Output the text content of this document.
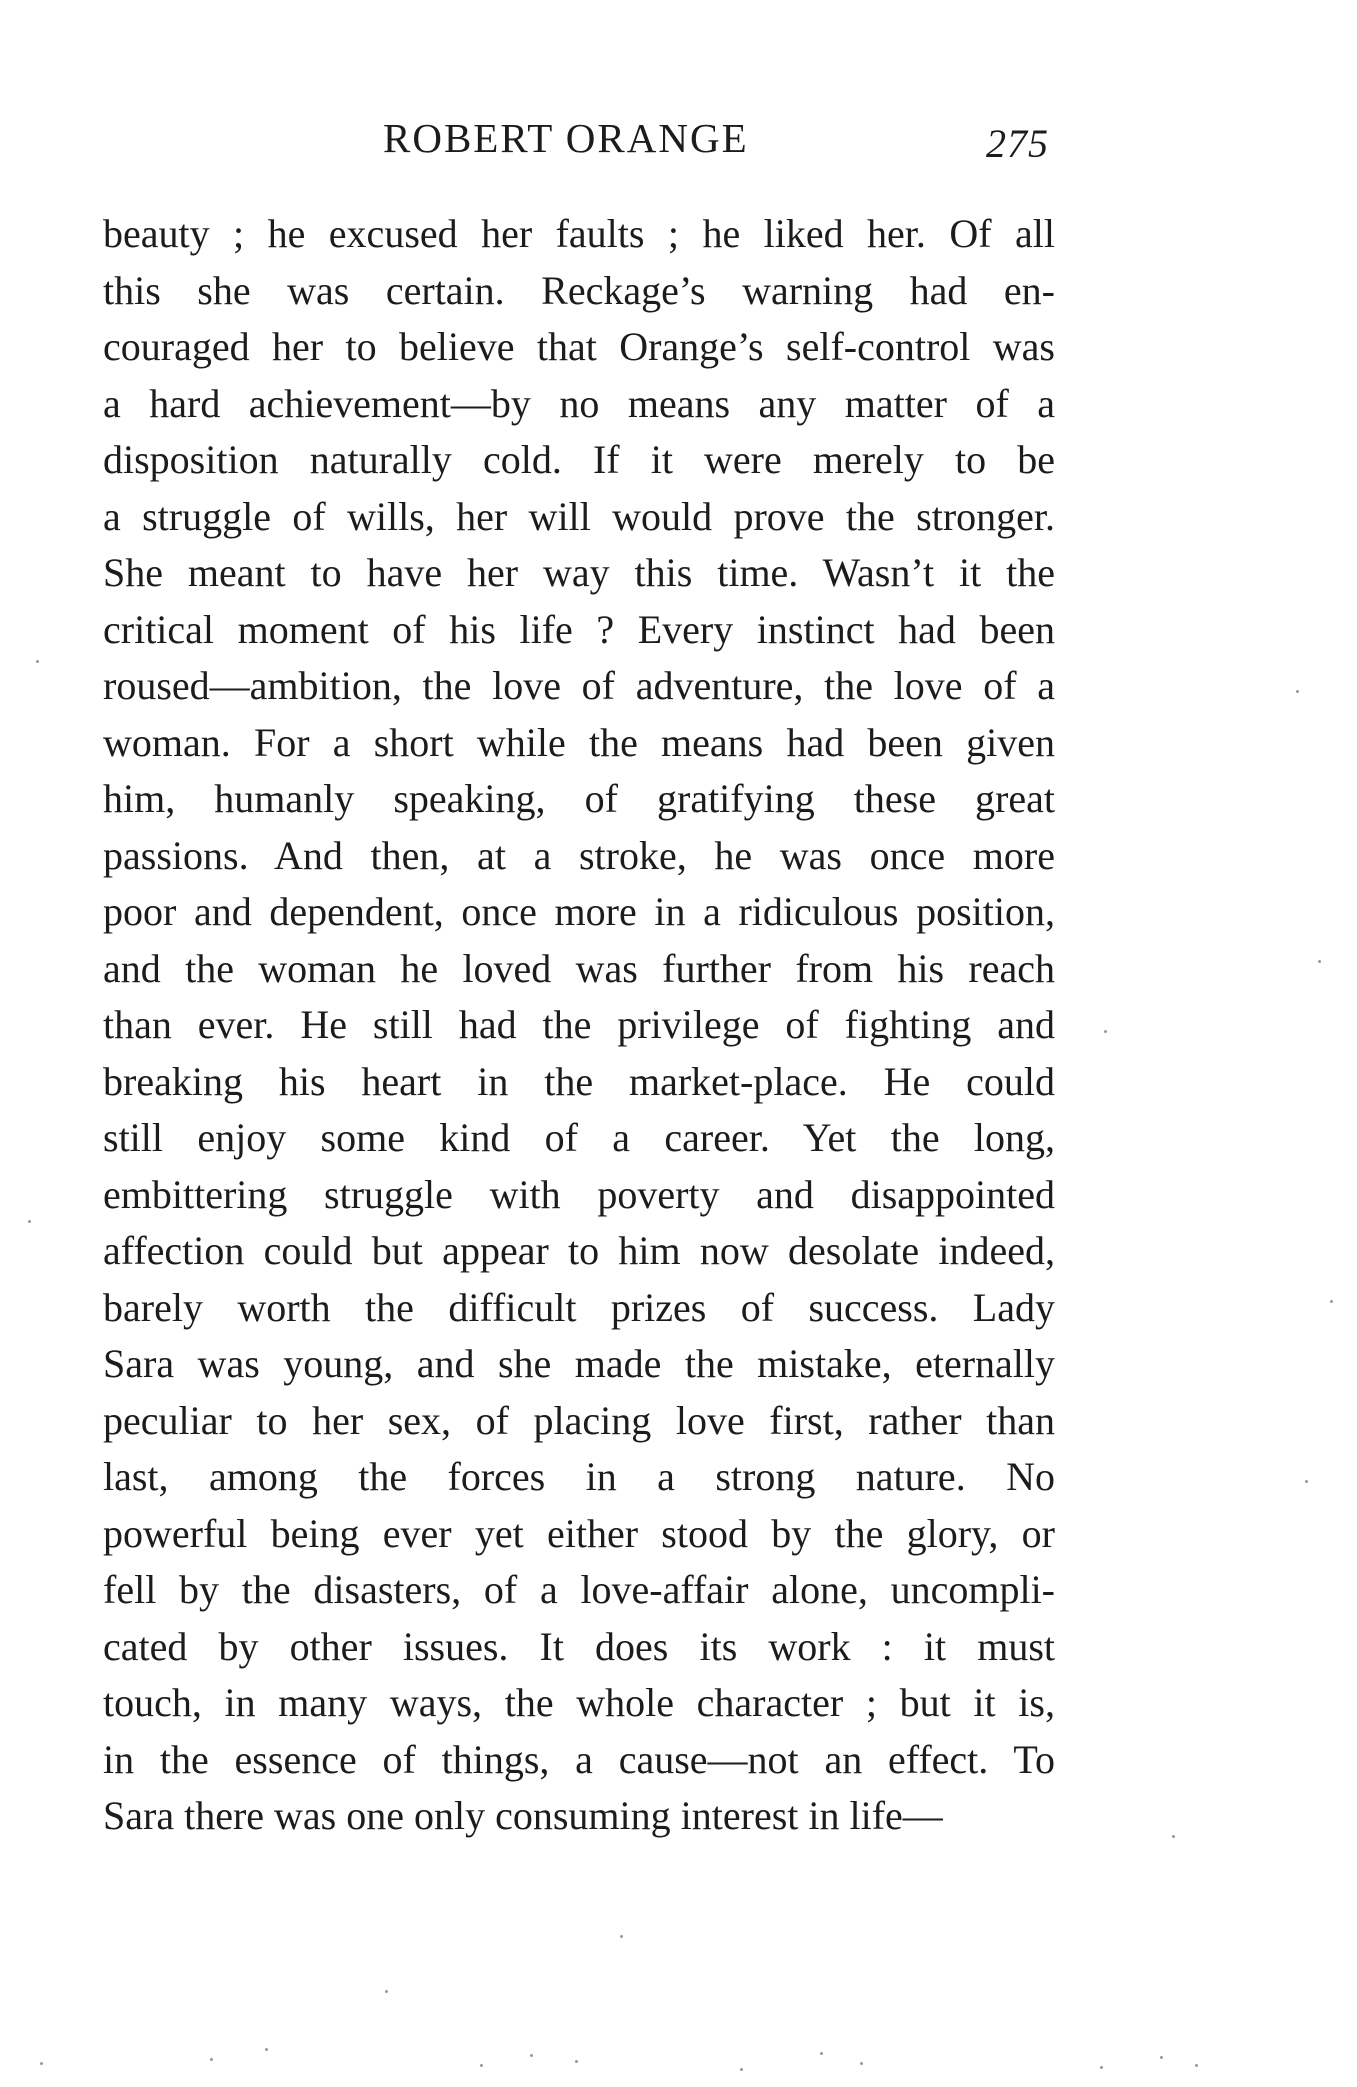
ROBERT ORANGE	275
beauty ; he excused her faults ; he liked her. Of all
this she was certain. Reckage’s warning had en-
couraged her to believe that Orange’s self-control was
a hard achievement—by no means any matter of a
disposition naturally cold. If it were merely to be
a struggle of wills, her will would prove the stronger.
She meant to have her way this time. Wasn’t it the
critical moment of his life ? Every instinct had been
roused—ambition, the love of adventure, the love of a
woman. For a short while the means had been given
him, humanly speaking, of gratifying these great
passions. And then, at a stroke, he was once more
poor and dependent, once more in a ridiculous position,
and the woman he loved was further from his reach
than ever. He still had the privilege of fighting and
breaking his heart in the market-place. He could
still enjoy some kind of a career. Yet the long,
embittering struggle with poverty and disappointed
affection could but appear to him now desolate indeed,
barely worth the difficult prizes of success. Lady
Sara was young, and she made the mistake, eternally
peculiar to her sex, of placing love first, rather than
last, among the forces in a strong nature. No
powerful being ever yet either stood by the glory, or
fell by the disasters, of a love-affair alone, uncompli-
cated by other issues. It does its work : it must
touch, in many ways, the whole character ; but it is,
in the essence of things, a cause—not an effect. To
Sara there was one only consuming interest in life—
